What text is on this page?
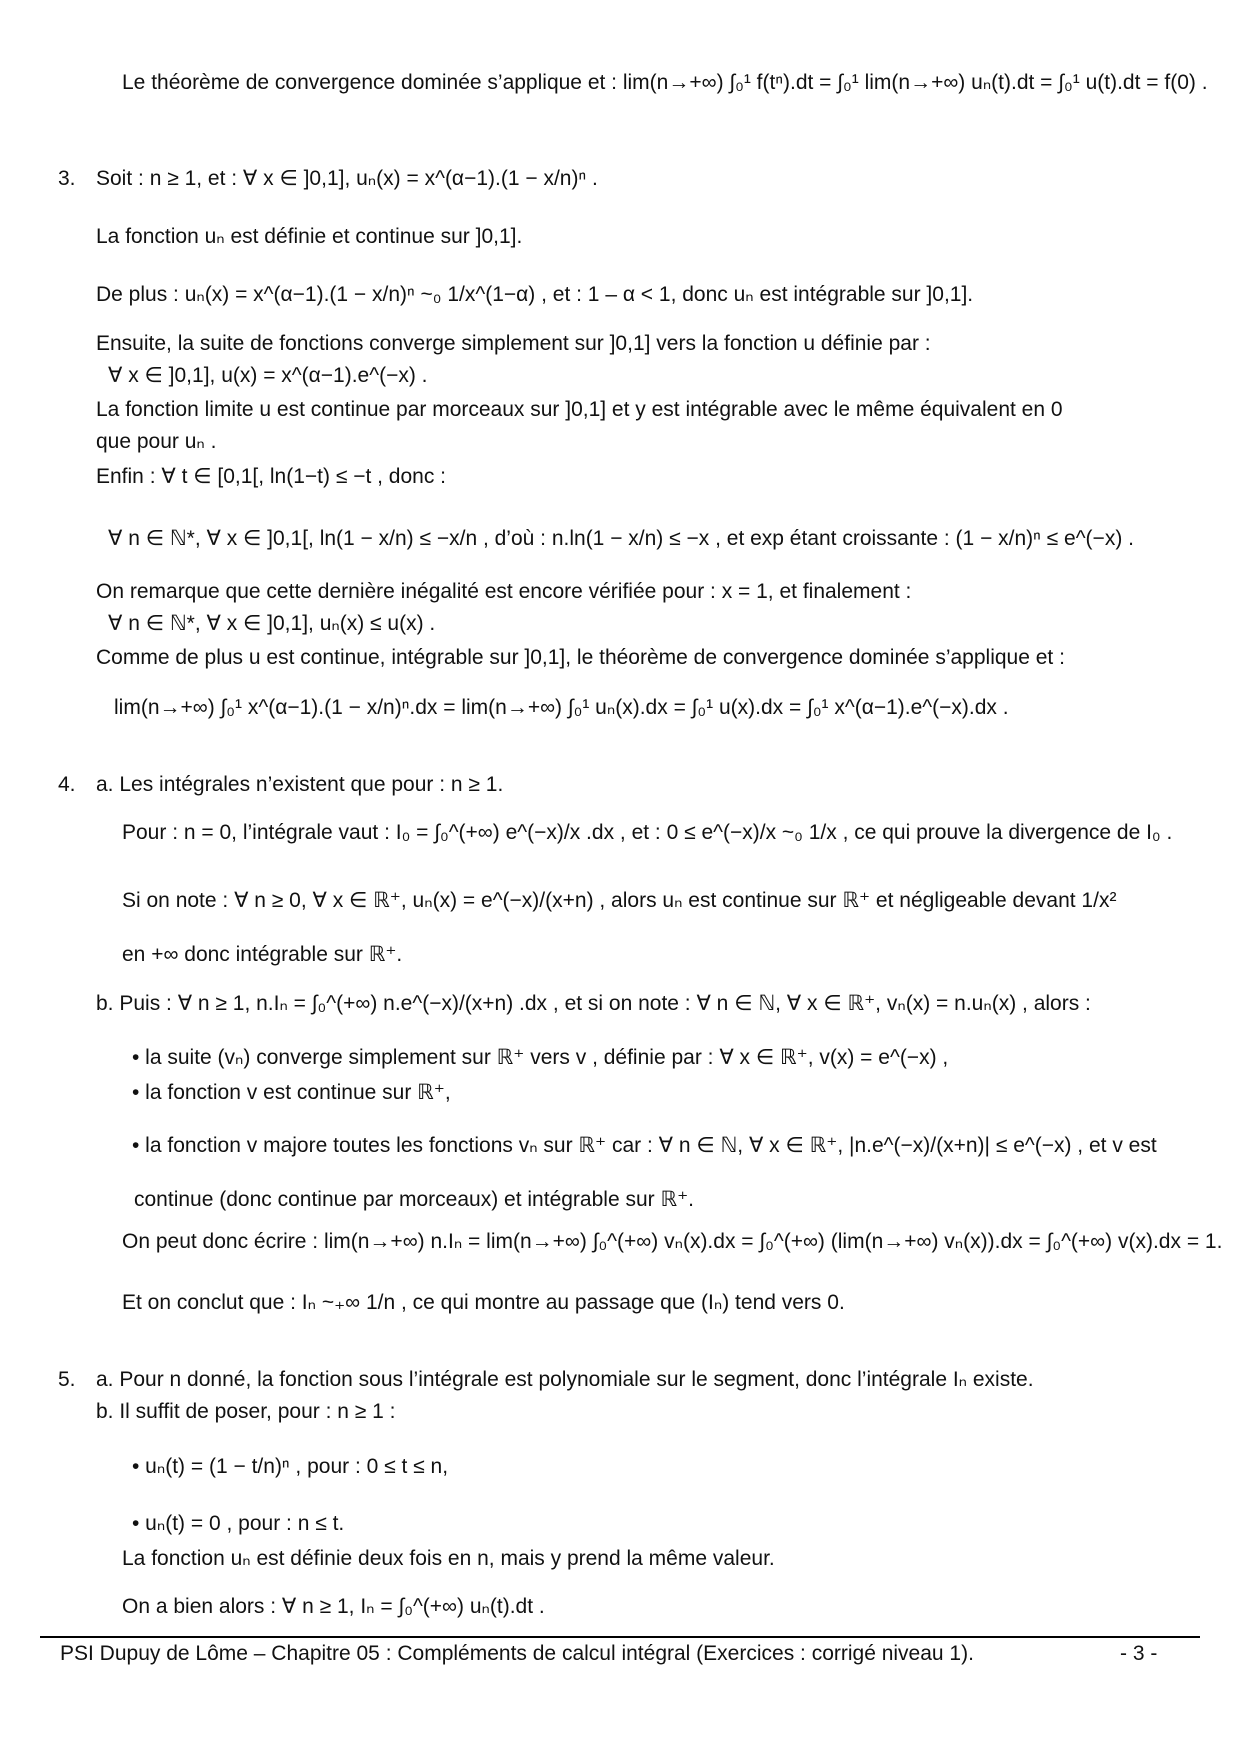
Le théorème de convergence dominée s’applique et : lim(n→+∞) ∫₀¹ f(tⁿ).dt = ∫₀¹ lim(n→+∞) uₙ(t).dt = ∫₀¹ u(t).dt = f(0) .
3. Soit : n ≥ 1, et : ∀ x ∈ ]0,1], uₙ(x) = x^(α−1).(1 − x/n)ⁿ .
La fonction uₙ est définie et continue sur ]0,1].
De plus : uₙ(x) = x^(α−1).(1 − x/n)ⁿ ~₀ 1/x^(1−α) , et : 1 – α < 1, donc uₙ est intégrable sur ]0,1].
Ensuite, la suite de fonctions converge simplement sur ]0,1] vers la fonction u définie par :
∀ x ∈ ]0,1], u(x) = x^(α−1).e^(−x) .
La fonction limite u est continue par morceaux sur ]0,1] et y est intégrable avec le même équivalent en 0
que pour uₙ .
Enfin : ∀ t ∈ [0,1[, ln(1−t) ≤ −t , donc :
∀ n ∈ ℕ*, ∀ x ∈ ]0,1[, ln(1 − x/n) ≤ −x/n , d’où : n.ln(1 − x/n) ≤ −x , et exp étant croissante : (1 − x/n)ⁿ ≤ e^(−x) .
On remarque que cette dernière inégalité est encore vérifiée pour : x = 1, et finalement :
∀ n ∈ ℕ*, ∀ x ∈ ]0,1], uₙ(x) ≤ u(x) .
Comme de plus u est continue, intégrable sur ]0,1], le théorème de convergence dominée s’applique et :
lim(n→+∞) ∫₀¹ x^(α−1).(1 − x/n)ⁿ.dx = lim(n→+∞) ∫₀¹ uₙ(x).dx = ∫₀¹ u(x).dx = ∫₀¹ x^(α−1).e^(−x).dx .
4. a. Les intégrales n’existent que pour : n ≥ 1.
Pour : n = 0, l’intégrale vaut : I₀ = ∫₀^(+∞) e^(−x)/x .dx , et : 0 ≤ e^(−x)/x ~₀ 1/x , ce qui prouve la divergence de I₀ .
Si on note : ∀ n ≥ 0, ∀ x ∈ ℝ⁺, uₙ(x) = e^(−x)/(x+n) , alors uₙ est continue sur ℝ⁺ et négligeable devant 1/x²
en +∞ donc intégrable sur ℝ⁺.
b. Puis : ∀ n ≥ 1, n.Iₙ = ∫₀^(+∞) n.e^(−x)/(x+n) .dx , et si on note : ∀ n ∈ ℕ, ∀ x ∈ ℝ⁺, vₙ(x) = n.uₙ(x) , alors :
• la suite (vₙ) converge simplement sur ℝ⁺ vers v , définie par : ∀ x ∈ ℝ⁺, v(x) = e^(−x) ,
• la fonction v est continue sur ℝ⁺,
• la fonction v majore toutes les fonctions vₙ sur ℝ⁺ car : ∀ n ∈ ℕ, ∀ x ∈ ℝ⁺, |n.e^(−x)/(x+n)| ≤ e^(−x) , et v est
continue (donc continue par morceaux) et intégrable sur ℝ⁺.
On peut donc écrire : lim(n→+∞) n.Iₙ = lim(n→+∞) ∫₀^(+∞) vₙ(x).dx = ∫₀^(+∞) (lim(n→+∞) vₙ(x)).dx = ∫₀^(+∞) v(x).dx = 1.
Et on conclut que : Iₙ ~₊∞ 1/n , ce qui montre au passage que (Iₙ) tend vers 0.
5. a. Pour n donné, la fonction sous l’intégrale est polynomiale sur le segment, donc l’intégrale Iₙ existe.
b. Il suffit de poser, pour : n ≥ 1 :
• uₙ(t) = (1 − t/n)ⁿ , pour : 0 ≤ t ≤ n,
• uₙ(t) = 0 , pour : n ≤ t.
La fonction uₙ est définie deux fois en n, mais y prend la même valeur.
On a bien alors : ∀ n ≥ 1, Iₙ = ∫₀^(+∞) uₙ(t).dt .
PSI Dupuy de Lôme – Chapitre 05 : Compléments de calcul intégral (Exercices : corrigé niveau 1).	- 3 -
